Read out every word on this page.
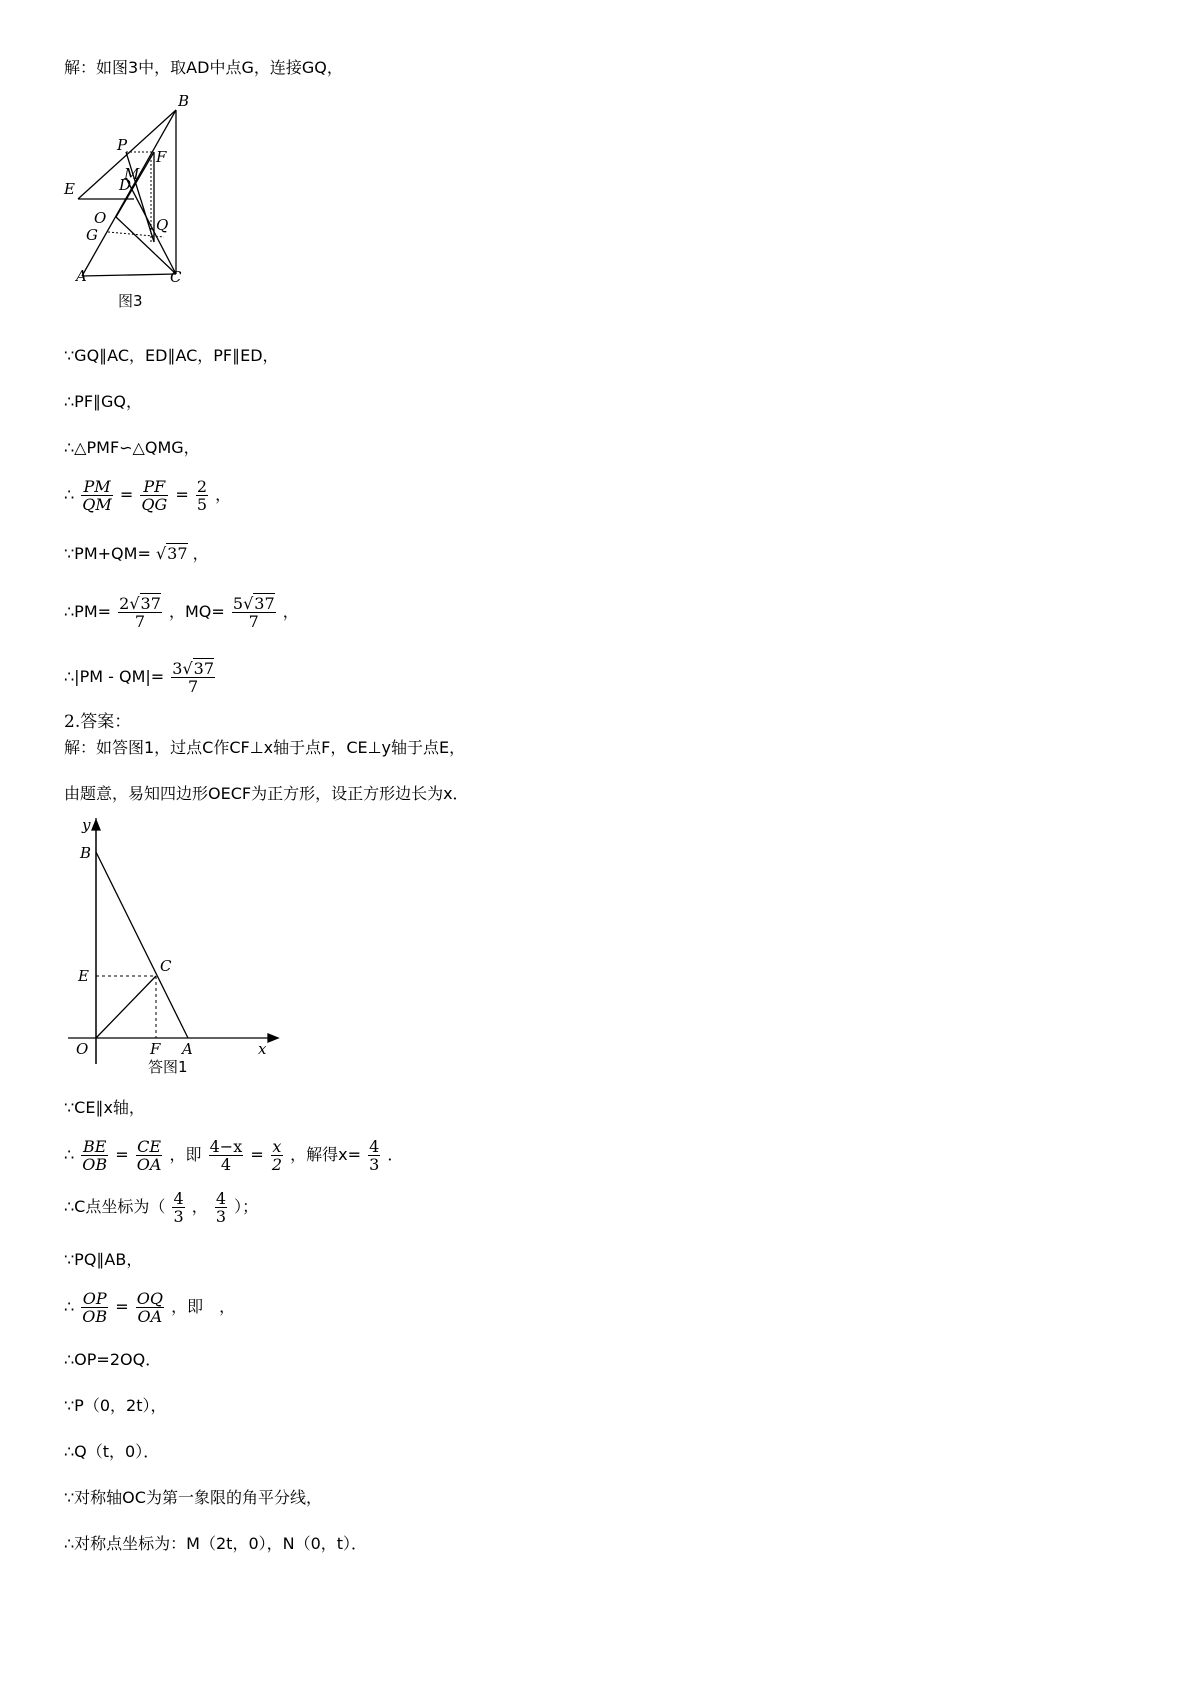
解：如图3中，取AD中点G，连接GQ，
B
P
F
E	D
M
O
G
Q
A	C
图3
∵GQ∥AC，ED∥AC，PF∥ED，
∴PF∥GQ，
∴△PMF∽△QMG，
∴ $\frac{PM}{QM} = \frac{PF}{QG} = \frac{2}{5}$ ，
∵PM+QM= √37 ，
∴PM= $\frac{2√37}{7}$ ，$MQ= \frac{5√37}{7}$ ，
∴|PM - $QM|= \frac{3√37}{7}$
2.答案：
解：如答图1，过点C作CF⊥x轴于点F，CE⊥y轴于点E，
由题意，易知四边形OECF为正方形，设正方形边长为x．
y
B
E
C
O	F A	x
答图1
∵CE∥x轴，
∴ $\frac{BE}{OB} = \frac{CE}{OA}$ ，即 $\frac{4-x}{4} = \frac{x}{2}$ ，解得$x= \frac{4}{3}$ ．
∴C点坐标为（ $\frac{4}{3}$ ， $\frac{4}{3}$ ）；
∵PQ∥AB，
∴ $\frac{OP}{OB} = \frac{OQ}{OA}$ ，即　，
∴OP=2OQ．
∵P（0，2t），
∴Q（t，0）．
∵对称轴OC为第一象限的角平分线，
∴对称点坐标为：M（2t，0），N（0，t）．
